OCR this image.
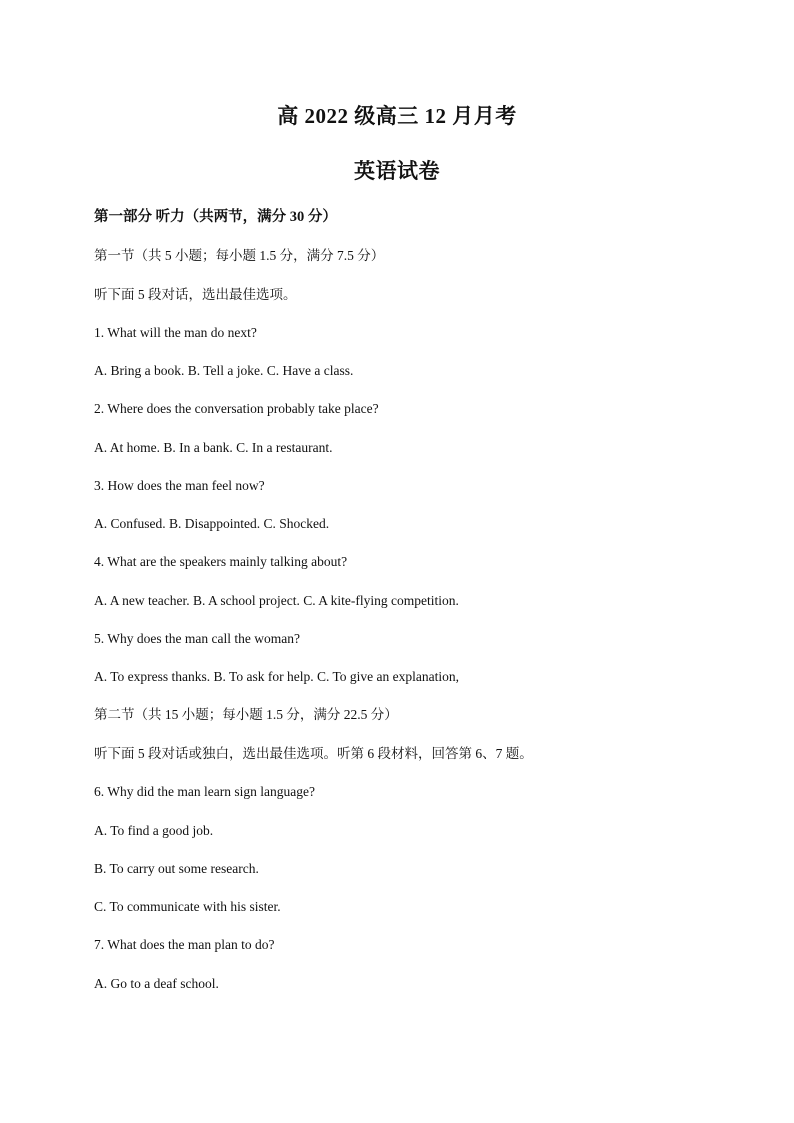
高 2022 级高三 12 月月考
英语试卷
第一部分 听力（共两节，满分 30 分）
第一节（共 5 小题；每小题 1.5 分，满分 7.5 分）
听下面 5 段对话，选出最佳选项。
1. What will the man do next?
A. Bring a book. B. Tell a joke. C. Have a class.
2. Where does the conversation probably take place?
A. At home. B. In a bank. C. In a restaurant.
3. How does the man feel now?
A. Confused. B. Disappointed. C. Shocked.
4. What are the speakers mainly talking about?
A. A new teacher. B. A school project. C. A kite-flying competition.
5. Why does the man call the woman?
A. To express thanks. B. To ask for help. C. To give an explanation,
第二节（共 15 小题；每小题 1.5 分，满分 22.5 分）
听下面 5 段对话或独白，选出最佳选项。听第 6 段材料，回答第 6、7 题。
6. Why did the man learn sign language?
A. To find a good job.
B. To carry out some research.
C. To communicate with his sister.
7. What does the man plan to do?
A. Go to a deaf school.
